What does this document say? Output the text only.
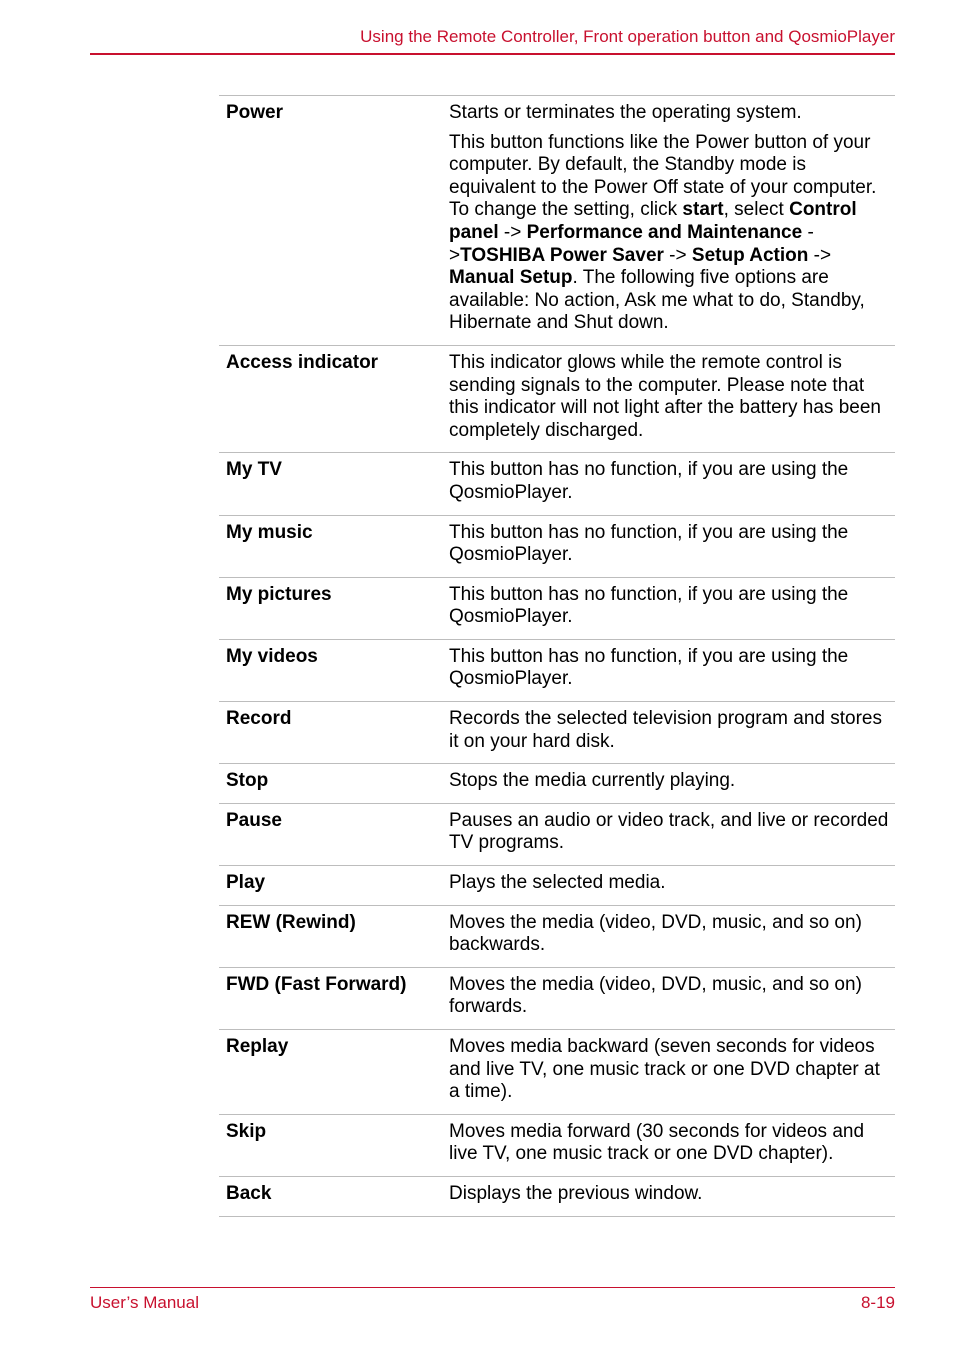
Using the Remote Controller, Front operation button and QosmioPlayer
Power	Starts or terminates the operating system.

This button functions like the Power button of your computer. By default, the Standby mode is equivalent to the Power Off state of your computer. To change the setting, click start, select Control panel -> Performance and Maintenance ->TOSHIBA Power Saver -> Setup Action -> Manual Setup. The following five options are available: No action, Ask me what to do, Standby, Hibernate and Shut down.

Access indicator	This indicator glows while the remote control is sending signals to the computer. Please note that this indicator will not light after the battery has been completely discharged.
My TV	This button has no function, if you are using the QosmioPlayer.
My music	This button has no function, if you are using the QosmioPlayer.
My pictures	This button has no function, if you are using the QosmioPlayer.
My videos	This button has no function, if you are using the QosmioPlayer.
Record	Records the selected television program and stores it on your hard disk.
Stop	Stops the media currently playing.
Pause	Pauses an audio or video track, and live or recorded TV programs.
Play	Plays the selected media.
REW (Rewind)	Moves the media (video, DVD, music, and so on) backwards.
FWD (Fast Forward)	Moves the media (video, DVD, music, and so on) forwards.
Replay	Moves media backward (seven seconds for videos and live TV, one music track or one DVD chapter at a time).
Skip	Moves media forward (30 seconds for videos and live TV, one music track or one DVD chapter).
Back	Displays the previous window.
User’s Manual	8-19
